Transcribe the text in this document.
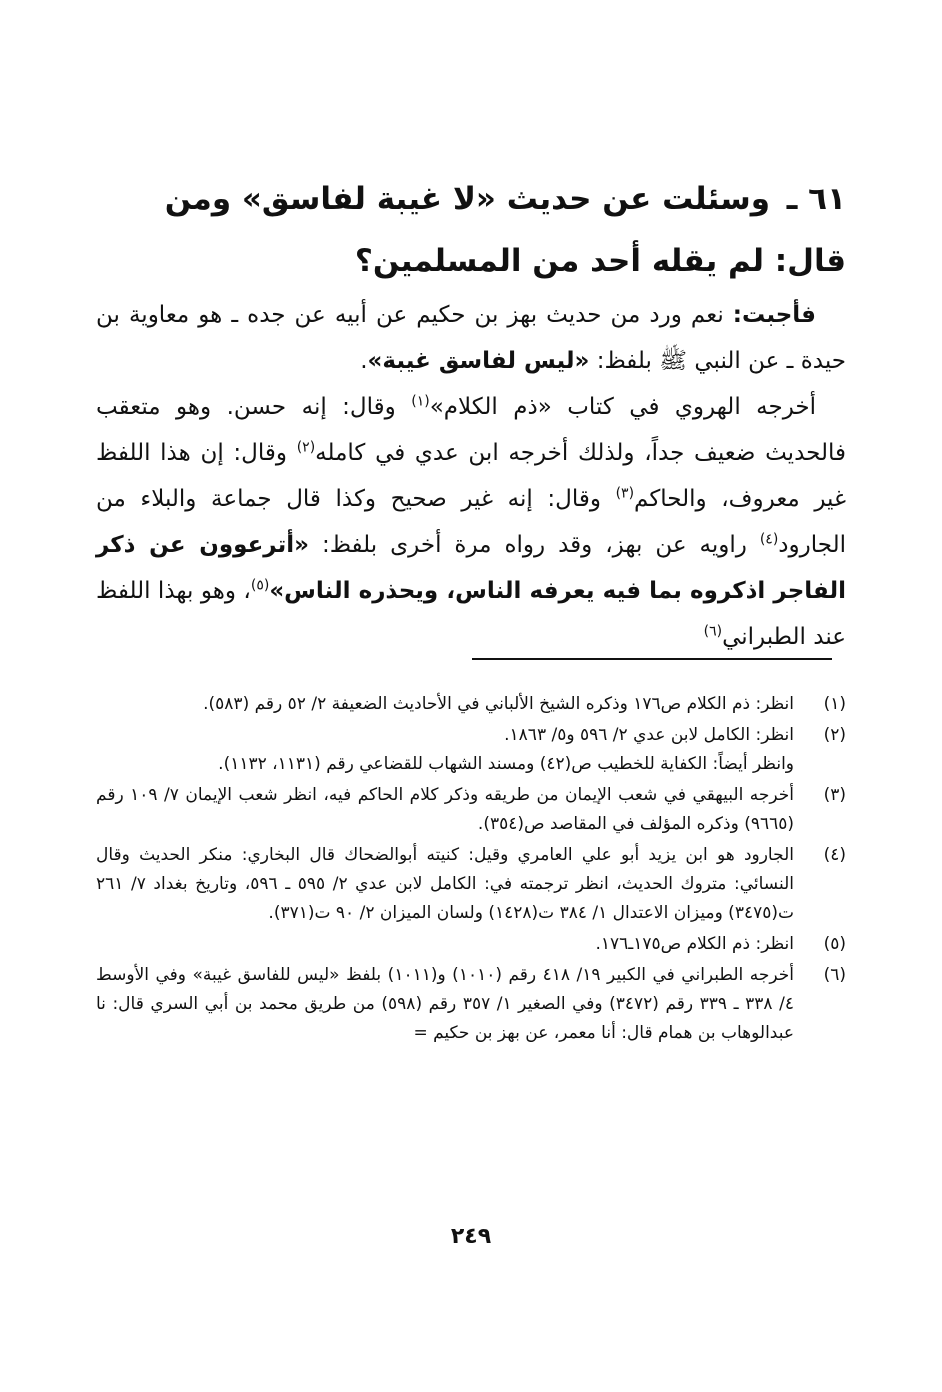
٦١ ـ وسئلت عن حديث «لا غيبة لفاسق» ومن قال: لم يقله أحد من المسلمين؟

فأجبت: نعم ورد من حديث بهز بن حكيم عن أبيه عن جده ـ هو معاوية بن حيدة ـ عن النبي ﷺ بلفظ: «ليس لفاسق غيبة».

أخرجه الهروي في كتاب «ذم الكلام»$^{(١)}$ وقال: إنه حسن. وهو متعقب فالحديث ضعيف جداً، ولذلك أخرجه ابن عدي في كامله$^{(٢)}$ وقال: إن هذا اللفظ غير معروف، والحاكم$^{(٣)}$ وقال: إنه غير صحيح وكذا قال جماعة والبلاء من الجارود$^{(٤)}$ راويه عن بهز، وقد رواه مرة أخرى بلفظ: «أترعوون عن ذكر الفاجر اذكروه بما فيه يعرفه الناس، ويحذره الناس»$^{(٥)}$، وهو بهذا اللفظ عند الطبراني$^{(٦)}$

(١)
انظر: ذم الكلام ص١٧٦ وذكره الشيخ الألباني في الأحاديث الضعيفة ٢/ ٥٢ رقم (٥٨٣).
(٢)
انظر: الكامل لابن عدي ٢/ ٥٩٦ و٥/ ١٨٦٣.
وانظر أيضاً: الكفاية للخطيب ص(٤٢) ومسند الشهاب للقضاعي رقم (١١٣١، ١١٣٢).
(٣)
أخرجه البيهقي في شعب الإيمان من طريقه وذكر كلام الحاكم فيه، انظر شعب الإيمان ٧/ ١٠٩ رقم (٩٦٦٥) وذكره المؤلف في المقاصد ص(٣٥٤).
(٤)
الجارود هو ابن يزيد أبو علي العامري وقيل: كنيته أبوالضحاك قال البخاري: منكر الحديث وقال النسائي: متروك الحديث، انظر ترجمته في: الكامل لابن عدي ٢/ ٥٩٥ ـ ٥٩٦، وتاريخ بغداد ٧/ ٢٦١ ت(٣٤٧٥) وميزان الاعتدال ١/ ٣٨٤ ت(١٤٢٨) ولسان الميزان ٢/ ٩٠ ت(٣٧١).
(٥)
انظر: ذم الكلام ص١٧٥ـ١٧٦.
(٦)
أخرجه الطبراني في الكبير ١٩/ ٤١٨ رقم (١٠١٠) و(١٠١١) بلفظ «ليس للفاسق غيبة» وفي الأوسط ٤/ ٣٣٨ ـ ٣٣٩ رقم (٣٤٧٢) وفي الصغير ١/ ٣٥٧ رقم (٥٩٨) من طريق محمد بن أبي السري قال: نا عبدالوهاب بن همام قال: أنا معمر، عن بهز بن حكيم =
٢٤٩
